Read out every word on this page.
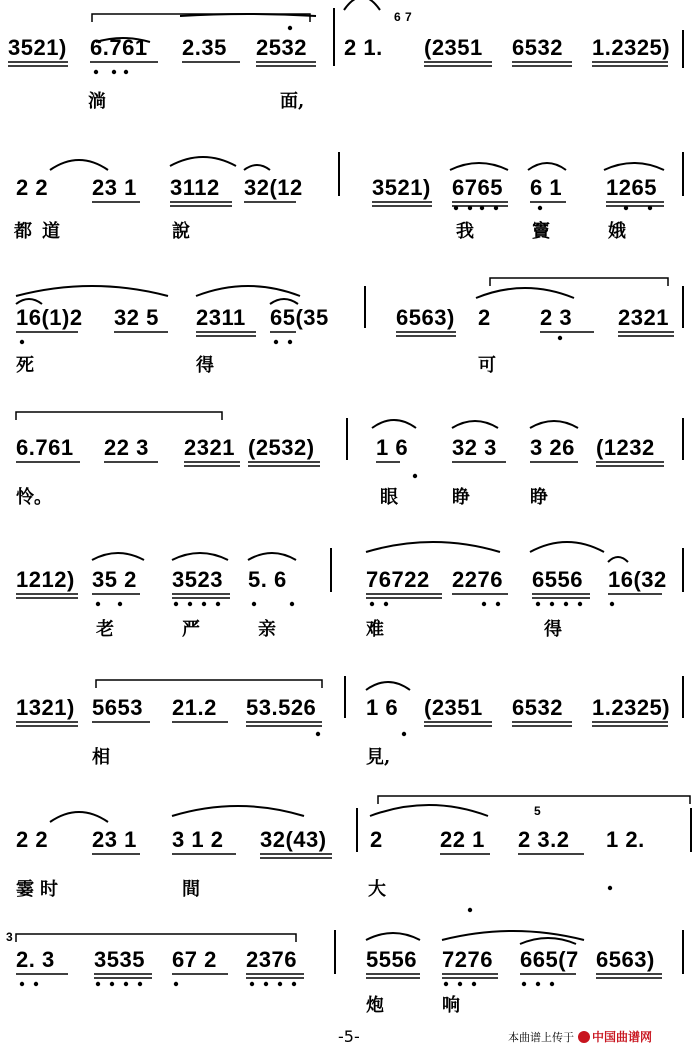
3521) 6.761 2.35 2532 2 1. (2351 6532 1.2325)
6 7
淌	面,
2 2 23 1 3112 32(12	3521) 6765 6 1 1265
都道	說	我	竇	娥
16(1)2 32 5 2311 65(35	6563) 2 2 3 2321
死	得	可
6.761 22 3 2321 (2532)	1 6 32 3 3 26 (1232
怜。	眼	睁	睁
1212) 35 2 3523 5. 6	76722 2276 6556 16(32
老	严	亲	难	得
1321) 5653 21.2 53.526 1 6 (2351 6532 1.2325)
相	見,
2 2 23 1 3 1 2 32(43) 2	22 1 2 3.2 1 2.
5
霎时	間	大
2. 3 3535 67 2 2376	5556 7276 665(7 6563)
3
炮	响
-5-	本曲谱上传于 中国曲谱网
